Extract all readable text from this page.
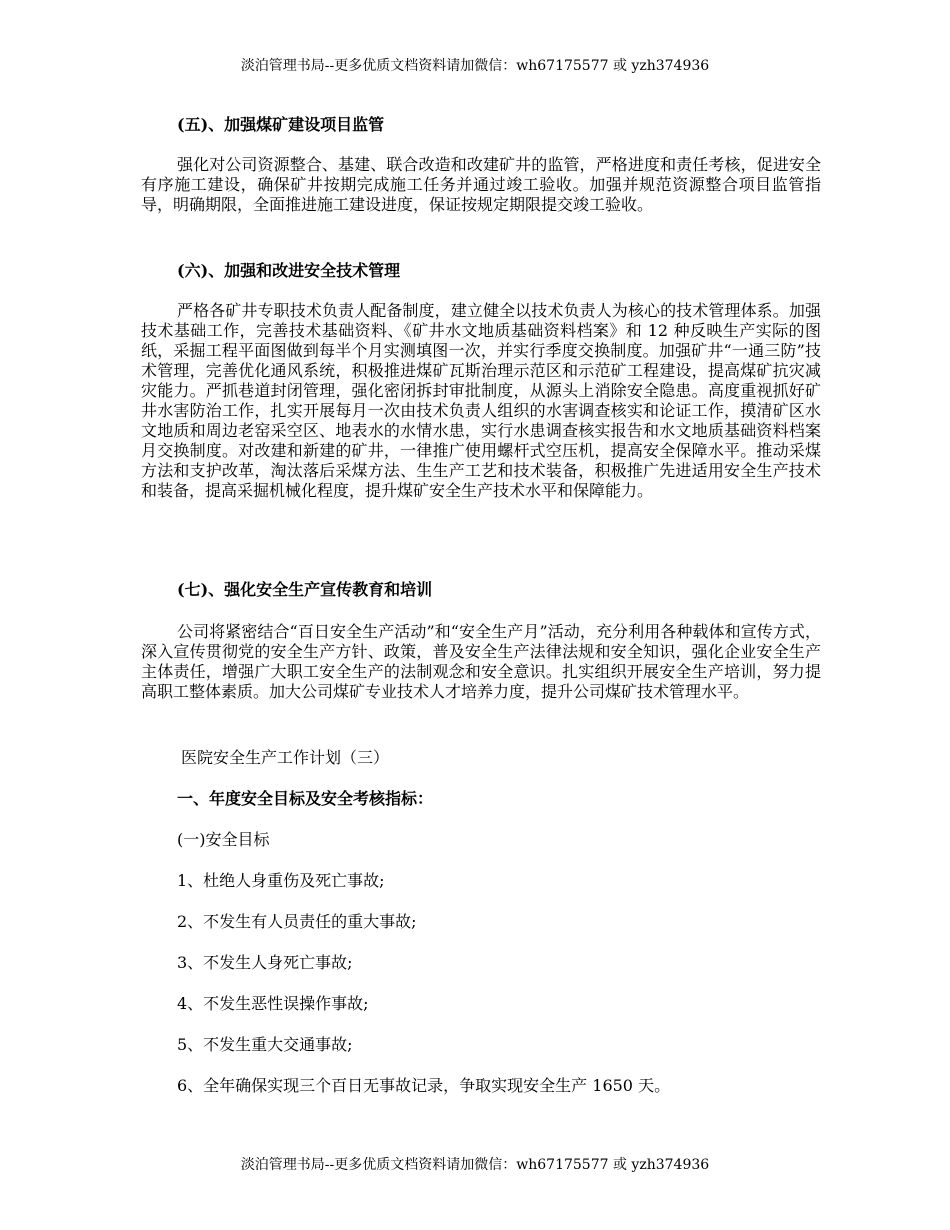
淡泊管理书局--更多优质文档资料请加微信：wh67175577 或 yzh374936
(五)、加强煤矿建设项目监管
强化对公司资源整合、基建、联合改造和改建矿井的监管，严格进度和责任考核，促进安全有序施工建设，确保矿井按期完成施工任务并通过竣工验收。加强并规范资源整合项目监管指导，明确期限，全面推进施工建设进度，保证按规定期限提交竣工验收。
(六)、加强和改进安全技术管理
严格各矿井专职技术负责人配备制度，建立健全以技术负责人为核心的技术管理体系。加强技术基础工作，完善技术基础资料、《矿井水文地质基础资料档案》和 12 种反映生产实际的图纸，采掘工程平面图做到每半个月实测填图一次，并实行季度交换制度。加强矿井“一通三防”技术管理，完善优化通风系统，积极推进煤矿瓦斯治理示范区和示范矿工程建设，提高煤矿抗灾减灾能力。严抓巷道封闭管理，强化密闭拆封审批制度，从源头上消除安全隐患。高度重视抓好矿井水害防治工作，扎实开展每月一次由技术负责人组织的水害调查核实和论证工作，摸清矿区水文地质和周边老窑采空区、地表水的水情水患，实行水患调查核实报告和水文地质基础资料档案月交换制度。对改建和新建的矿井，一律推广使用螺杆式空压机，提高安全保障水平。推动采煤方法和支护改革，淘汰落后采煤方法、生生产工艺和技术装备，积极推广先进适用安全生产技术和装备，提高采掘机械化程度，提升煤矿安全生产技术水平和保障能力。
(七)、强化安全生产宣传教育和培训
公司将紧密结合“百日安全生产活动”和“安全生产月”活动，充分利用各种载体和宣传方式，深入宣传贯彻党的安全生产方针、政策，普及安全生产法律法规和安全知识，强化企业安全生产主体责任，增强广大职工安全生产的法制观念和安全意识。扎实组织开展安全生产培训，努力提高职工整体素质。加大公司煤矿专业技术人才培养力度，提升公司煤矿技术管理水平。
医院安全生产工作计划（三）
一、年度安全目标及安全考核指标：
(一)安全目标
1、杜绝人身重伤及死亡事故;
2、不发生有人员责任的重大事故;
3、不发生人身死亡事故;
4、不发生恶性误操作事故;
5、不发生重大交通事故;
6、全年确保实现三个百日无事故记录，争取实现安全生产 1650 天。
淡泊管理书局--更多优质文档资料请加微信：wh67175577 或 yzh374936
